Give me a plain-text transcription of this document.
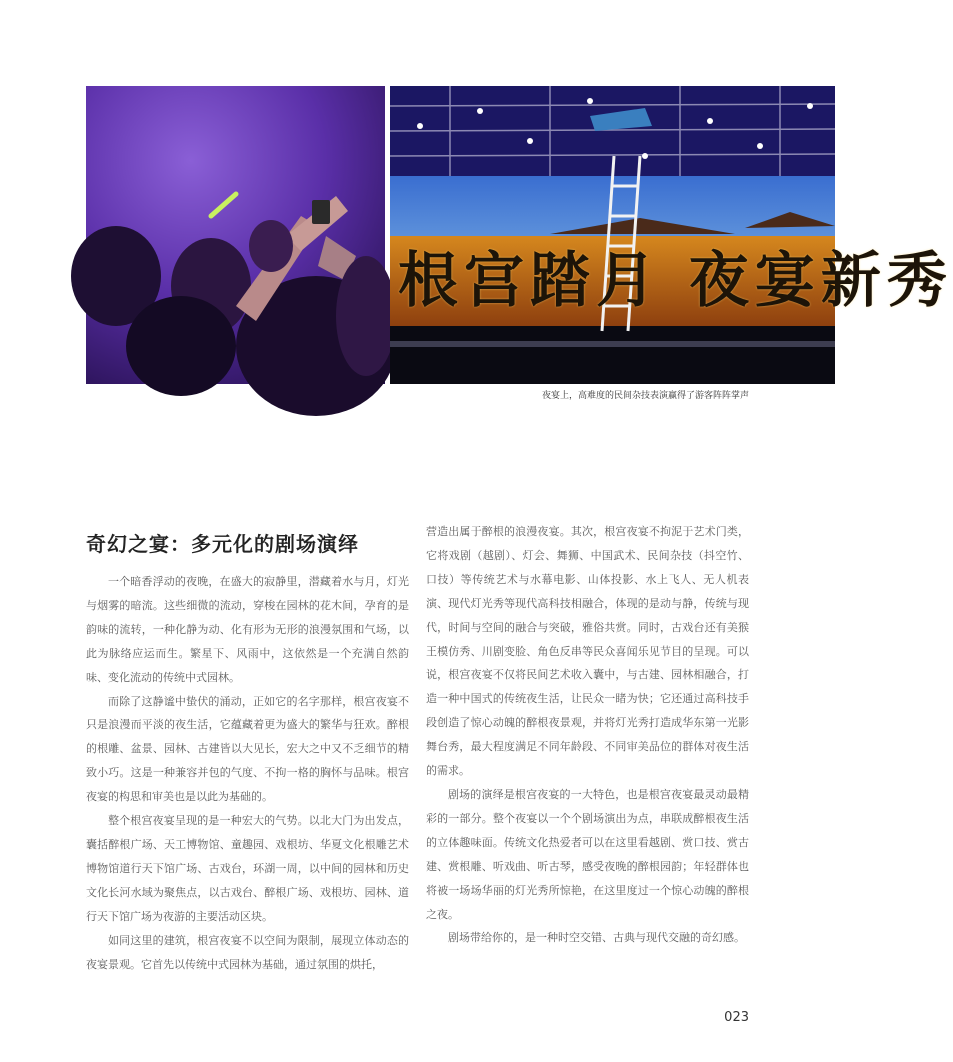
根宫踏月 夜宴新秀

夜宴上，高难度的民间杂技表演赢得了游客阵阵掌声

奇幻之宴：多元化的剧场演绎

一个暗香浮动的夜晚，在盛大的寂静里，潜藏着水与月，灯光与烟雾的暗流。这些细微的流动，穿梭在园林的花木间，孕育的是韵味的流转，一种化静为动、化有形为无形的浪漫氛围和气场，以此为脉络应运而生。繁星下、风雨中，这依然是一个充满自然韵味、变化流动的传统中式园林。

而除了这静谧中蛰伏的涌动，正如它的名字那样，根宫夜宴不只是浪漫而平淡的夜生活，它蕴藏着更为盛大的繁华与狂欢。醉根的根雕、盆景、园林、古建皆以大见长，宏大之中又不乏细节的精致小巧。这是一种兼容并包的气度、不拘一格的胸怀与品味。根宫夜宴的构思和审美也是以此为基础的。

整个根宫夜宴呈现的是一种宏大的气势。以北大门为出发点，囊括醉根广场、天工博物馆、童趣园、戏根坊、华夏文化根雕艺术博物馆道行天下馆广场、古戏台，环湖一周，以中间的园林和历史文化长河水域为聚焦点，以古戏台、醉根广场、戏根坊、园林、道行天下馆广场为夜游的主要活动区块。

如同这里的建筑，根宫夜宴不以空间为限制，展现立体动态的夜宴景观。它首先以传统中式园林为基础，通过氛围的烘托，

营造出属于醉根的浪漫夜宴。其次，根宫夜宴不拘泥于艺术门类，它将戏剧（越剧）、灯会、舞狮、中国武术、民间杂技（抖空竹、口技）等传统艺术与水幕电影、山体投影、水上飞人、无人机表演、现代灯光秀等现代高科技相融合，体现的是动与静，传统与现代，时间与空间的融合与突破，雅俗共赏。同时，古戏台还有美猴王模仿秀、川剧变脸、角色反串等民众喜闻乐见节目的呈现。可以说，根宫夜宴不仅将民间艺术收入囊中，与古建、园林相融合，打造一种中国式的传统夜生活，让民众一睹为快；它还通过高科技手段创造了惊心动魄的醉根夜景观，并将灯光秀打造成华东第一光影舞台秀，最大程度满足不同年龄段、不同审美品位的群体对夜生活的需求。

剧场的演绎是根宫夜宴的一大特色，也是根宫夜宴最灵动最精彩的一部分。整个夜宴以一个个剧场演出为点，串联成醉根夜生活的立体趣味面。传统文化热爱者可以在这里看越剧、赏口技、赏古建、赏根雕、听戏曲、听古琴，感受夜晚的醉根园韵；年轻群体也将被一场场华丽的灯光秀所惊艳，在这里度过一个惊心动魄的醉根之夜。

剧场带给你的，是一种时空交错、古典与现代交融的奇幻感。

023
